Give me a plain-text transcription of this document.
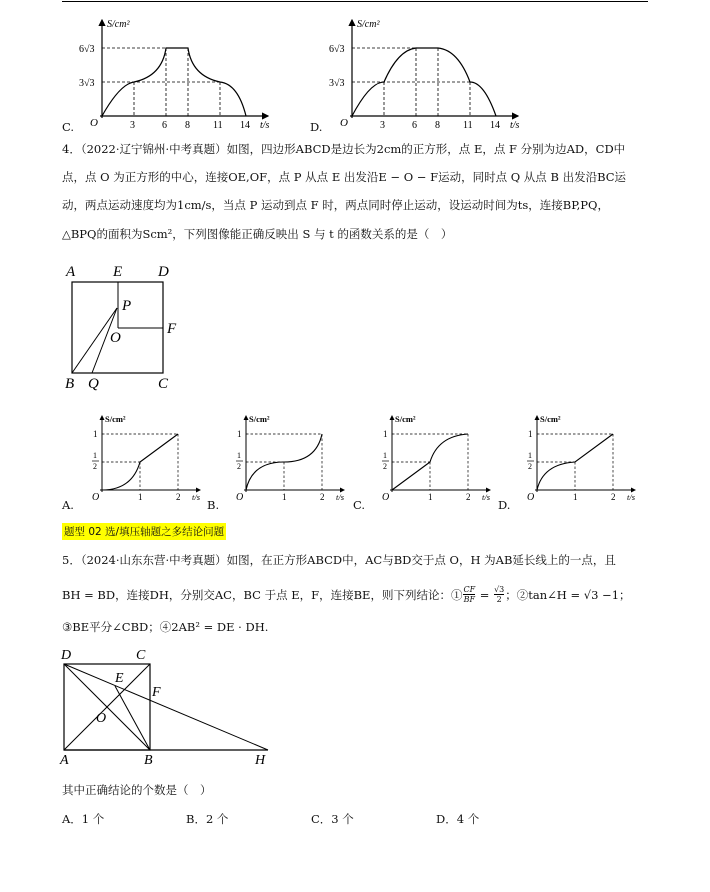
S/cm²
6√3
3√3
O	3	6 8 11 14 t/s
C.
S/cm²
6√3
3√3
O	3	6 8 11 14 t/s
D.
4．（2022·辽宁锦州·中考真题）如图，四边形ABCD是边长为2cm的正方形，点 E，点 F 分别为边AD，CD中
点，点 O 为正方形的中心，连接OE,OF，点 P 从点 E 出发沿E − O − F运动，同时点 Q 从点 B 出发沿BC运
动，两点运动速度均为1cm/s，当点 P 运动到点 F 时，两点同时停止运动，设运动时间为ts，连接BP,PQ，
△BPQ的面积为Scm²，下列图像能正确反映出 S 与 t 的函数关系的是（　）
A	E D
P
O
F
B Q	C
S/cm²
1
1
2
O	1	2 t/s
A.
S/cm²
1
1
2
O	1	2 t/s
B.
S/cm²
1
1
2
O	1	2 t/s
C.
S/cm²
1
1
2
O	1	2 t/s
D.
题型 02 选/填压轴题之多结论问题
5．（2024·山东东营·中考真题）如图，在正方形ABCD中，AC与BD交于点 O，H 为AB延长线上的一点，且
BH = BD，连接DH，分别交AC，BC 于点 E，F，连接BE，则下列结论：① $\frac{CF}{BF} = \frac{√3}{2}$ ；②tan∠H = √3 −1；
③BE平分∠CBD；④2AB² = DE · DH.
D	C
E
F
O
A	B	H
其中正确结论的个数是（　）
A．1 个	B．2 个	C．3 个	D．4 个
